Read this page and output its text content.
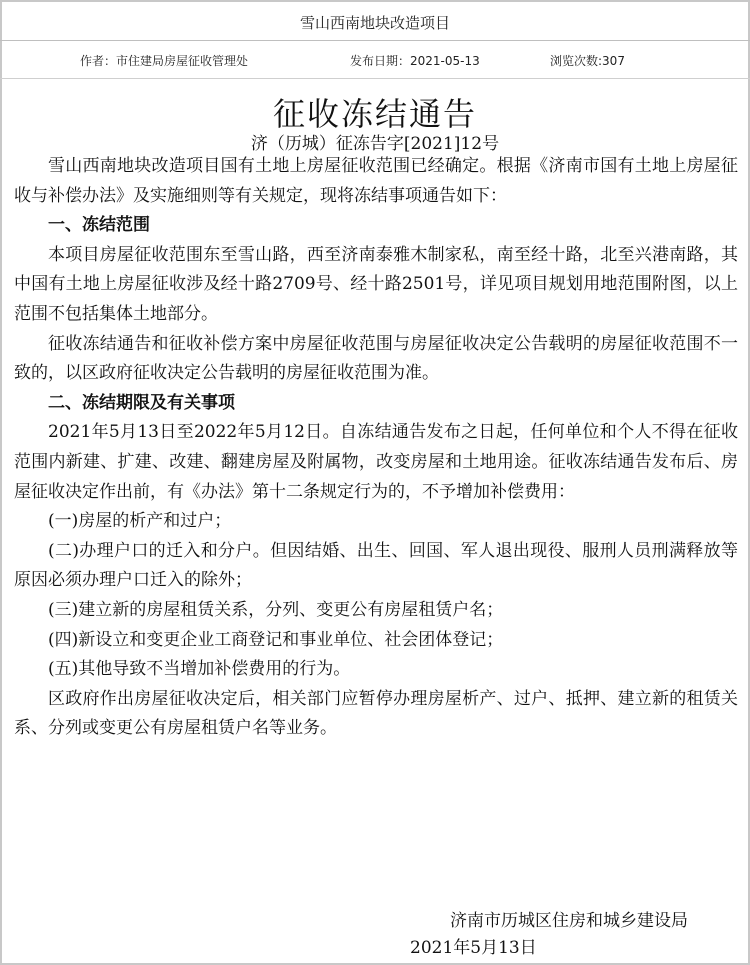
雪山西南地块改造项目
作者：市住建局房屋征收管理处	发布日期：2021-05-13	浏览次数:307
征收冻结通告
济（历城）征冻告字[2021]12号

雪山西南地块改造项目国有土地上房屋征收范围已经确定。根据《济南市国有土地上房屋征收与补偿办法》及实施细则等有关规定，现将冻结事项通告如下：

一、冻结范围

本项目房屋征收范围东至雪山路，西至济南泰雅木制家私，南至经十路，北至兴港南路，其中国有土地上房屋征收涉及经十路2709号、经十路2501号，详见项目规划用地范围附图，以上范围不包括集体土地部分。

征收冻结通告和征收补偿方案中房屋征收范围与房屋征收决定公告载明的房屋征收范围不一致的，以区政府征收决定公告载明的房屋征收范围为准。

二、冻结期限及有关事项

2021年5月13日至2022年5月12日。自冻结通告发布之日起，任何单位和个人不得在征收范围内新建、扩建、改建、翻建房屋及附属物，改变房屋和土地用途。征收冻结通告发布后、房屋征收决定作出前，有《办法》第十二条规定行为的，不予增加补偿费用：

(一)房屋的析产和过户；

(二)办理户口的迁入和分户。但因结婚、出生、回国、军人退出现役、服刑人员刑满释放等原因必须办理户口迁入的除外；

(三)建立新的房屋租赁关系，分列、变更公有房屋租赁户名；

(四)新设立和变更企业工商登记和事业单位、社会团体登记；

(五)其他导致不当增加补偿费用的行为。

区政府作出房屋征收决定后，相关部门应暂停办理房屋析产、过户、抵押、建立新的租赁关系、分列或变更公有房屋租赁户名等业务。

济南市历城区住房和城乡建设局
2021年5月13日
